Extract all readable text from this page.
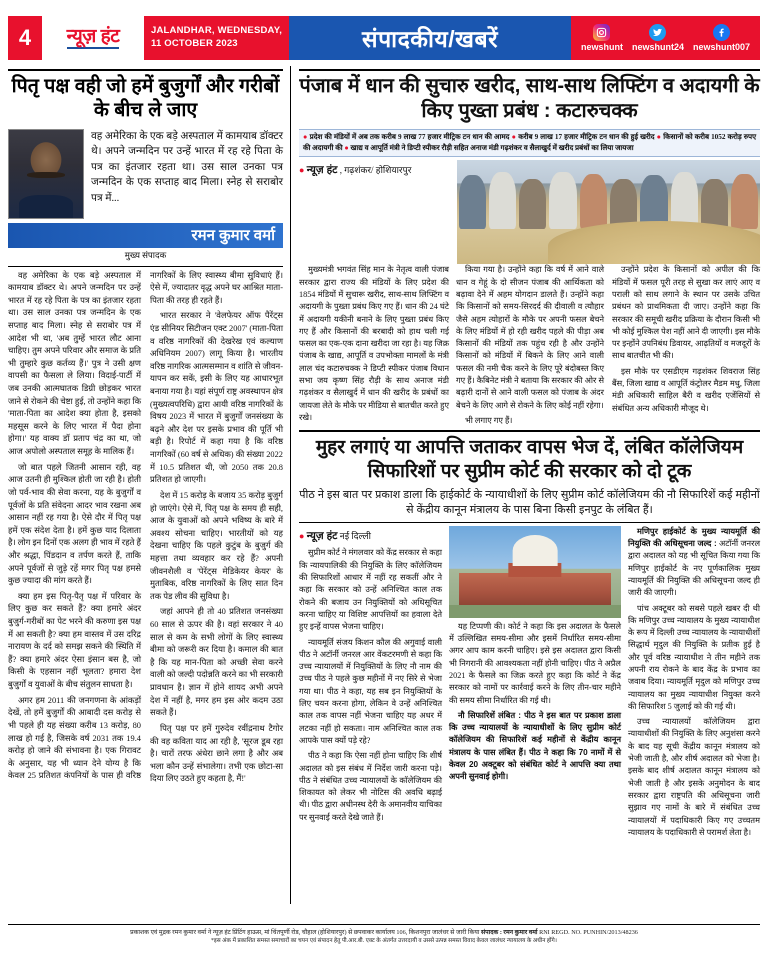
4	न्यूज़ हंट	JALANDHAR, WEDNESDAY,
11 OCTOBER 2023	संपादकीय/खबरें	newshunt newshunt24 newshunt007
पितृ पक्ष वही जो हमें बुजुर्गों और गरीबों के बीच ले जाए
वह अमेरिका के एक बड़े अस्पताल में कामयाब डॉक्टर थे। अपने जन्मदिन पर उन्हें भारत में रह रहे पिता के पत्र का इंतजार रहता था। उस साल उनका पत्र जन्मदिन के एक सप्ताह बाद मिला। स्नेह से सराबोर पत्र में...
रमन कुमार वर्मा
मुख्य संपादक

वह अमेरिका के एक बड़े अस्पताल में कामयाब डॉक्टर थे। अपने जन्मदिन पर उन्हें भारत में रह रहे पिता के पत्र का इंतजार रहता था। उस साल उनका पत्र जन्मदिन के एक सप्ताह बाद मिला। स्नेह से सराबोर पत्र में आदेश भी था, 'अब तुम्हें भारत लौट आना चाहिए। तुम अपने परिवार और समाज के प्रति भी तुम्हारे कुछ कर्तव्य हैं।' पुत्र ने उसी क्षण वापसी का फैसला ले लिया। विदाई-पार्टी में जब उनकी आत्मघातक डिग्री छोड़कर भारत जाने से रोकने की चेष्टा हुई, तो उन्होंने कहा कि 'माता-पिता का आदेश क्या होता है, इसको महसूस करने के लिए भारत में पैदा होना होगा।' यह वाक्य डॉ प्रताप चंद्र का था, जो आज अपोलो अस्पताल समूह के मालिक हैं।

जो बात पहले जितनी आसान रही, वह आज उतनी ही मुश्किल होती जा रही है। होती जो पर्व-भाव की सेवा करना, यह के बुजुर्गों व पूर्वजों के प्रति संवेदना आदर भाव रखना अब आसान नहीं रह गया है। ऐसे दौर में पितृ पक्ष हमें एक संदेश देता है। हमें कुछ याद दिलाता है। लोग इन दिनों एक अलग ही भाव में रहते हैं और श्रद्धा, पिंडदान व तर्पण करते हैं, ताकि अपने पूर्वजों से जुड़े रहें मगर पितृ पक्ष हमसे कुछ ज्यादा की मांग करते हैं।

क्या हम इस पितृ-पैतृ पक्ष में परिवार के लिए कुछ कर सकते हैं? क्या हमारे अंदर बुजुर्ग-गरीबों का पेट भरने की करुणा इस पक्ष में आ सकती है? क्या हम वास्तव में उस दरिद्र नारायण के दर्द को समझ सकने की स्थिति में हैं? क्या हमारे अंदर ऐसा इंसान बस है, जो किसी के एहसान नहीं भूलता? हमारा देश बुजुर्गों व युवाओं के बीच संतुलन साधता है।

अगर हम 2011 की जनगणना के आंकड़ों देखें, तो हमें बुजुर्गों की आबादी दस करोड़ से भी पहले ही यह संख्या करीब 13 करोड़, 80 लाख हो गई है, जिसके वर्ष 2031 तक 19.4 करोड़ हो जाने की संभावना है। एक गिरावट के अनुसार, यह भी ध्यान देने योग्य है कि केवल 25 प्रतिशत कंपनियों के पास ही वरिष्ठ नागरिकों के लिए स्वास्थ्य बीमा सुविधाएं हैं। ऐसे में, ज्यादातर वृद्ध अपने घर आश्रित माता-पिता की तरह ही रहते हैं।

भारत सरकार ने 'वेलफेयर ऑफ पैरेंट्स एंड सीनियर सिटीजन एक्ट 2007' (माता-पिता व वरिष्ठ नागरिकों की देखरेख एवं कल्याण अधिनियम 2007) लागू किया है। भारतीय वरिष्ठ नागरिक आत्मसम्मान व शांति से जीवन-यापन कर सकें, इसी के लिए यह आधारभूत बनाया गया है। यहां संपूर्ण राष्ट्र अवस्थापन क्षेत्र (मुख्यत्वपरिधि) द्वारा आयी वरिष्ठ नागरिकों के विषय 2023 में भारत में बुजुर्गों जनसंख्या के बढ़ने और देश पर इसके प्रभाव की पूर्ति भी बड़ी है। रिपोर्ट में कहा गया है कि वरिष्ठ नागरिकों (60 वर्ष से अधिक) की संख्या 2022 में 10.5 प्रतिशत थी, जो 2050 तक 20.8 प्रतिशत हो जाएगी।

देश में 15 करोड़ के बजाय 35 करोड़ बुजुर्ग हो जाएंगे। ऐसे में, पितृ पक्ष के समय ही सही, आज के युवाओं को अपने भविष्य के बारे में अवश्य सोचना चाहिए। भारतीयों को यह देखना चाहिए कि पहले कुटुंब के बुजुर्ग की महत्ता तथा व्यवहार कर रहे हैं? अपनी जीवनशैली व 'पेरेंट्स मेडिकेयर केयर' के मुताबिक, वरिष्ठ नागरिकों के लिए सात दिन तक पेड लीव की सुविधा है।

जहां आपने ही तो 40 प्रतिशत जनसंख्या 60 साल से ऊपर की है। वहां सरकार ने 40 साल से कम के सभी लोगों के लिए स्वास्थ्य बीमा को जरूरी कर दिया है। कमाल की बात है कि यह मान-पिता को अच्छी सेवा करने वाली को जल्दी पदोन्नति करने का भी सरकारी प्रावधान है। ज्ञान में होने शायद अभी अपने देश में नहीं है, मगर हम इस ओर कदम उठा सकते हैं।

पितृ पक्ष पर हमें गुरुदेव रवींद्रनाथ टैगोर की वह कविता याद आ रही है, 'सूरज डूब रहा है। चारों तरफ अंधेरा छाने लगा है और अब भला कौन उन्हें संभालेगा। तभी एक छोटा-सा दिया लिए उठते हुए कहता है, मैं!'

पंजाब में धान की सुचारु खरीद, साथ-साथ लिफ्टिंग व अदायगी के किए पुख्ता प्रबंध : कटारुचक्क
● प्रदेश की मंडियों में अब तक करीब 9 लाख 77 हजार मीट्रिक टन धान की आमद ● करीब 9 लाख 17 हजार मीट्रिक टन धान की हुई खरीद ● किसानों को करीब 1052 करोड़ रुपए की अदायगी की ● खाद्य व आपूर्ति मंत्री ने डिप्टी स्पीकर रौड़ी सहित अनाज मंडी गढ़शंकर व सैलाखुर्द में खरीद प्रबंधों का लिया जायजा
● न्यूज़ हंट , गढ़शंकर/ होशियारपुर

मुख्यमंत्री भगवंत सिंह मान के नेतृत्व वाली पंजाब सरकार द्वारा राज्य की मंडियों के लिए प्रदेश की 1854 मंडियों में सुचारू खरीद, साथ-साथ लिफ्टिंग व अदायगी के पुख्ता प्रबंध किए गए हैं। धान की 24 घंटे में अदायगी यकीनी बनाने के लिए पुख्ता प्रबंध किए गए हैं और किसानों की बरबादी को हाथ चली गई फसल का एक-एक दाना खरीदा जा रहा है। यह जिक्र पंजाब के खाद्य, आपूर्ति व उपभोक्ता मामलों के मंत्री लाल चंद कटारुचक्क ने डिप्टी स्पीकर पंजाब विधान सभा जय कृष्ण सिंह रौड़ी के साथ अनाज मंडी गढ़शंकर व सैलाखुर्द में धान की खरीद के प्रबंधों का जायजा लेते के मौके पर मीडिया से बातचीत करते हुए रखे।

किया गया है। उन्होंने कहा कि वर्ष में आने वाले धान व गेहूं के दो सीजन पंजाब की आर्थिकता को बढ़ावा देने में अहम योगदान डालते हैं। उन्होंने कहा कि किसानों को समय-सिरदर्द की दीवाली व त्यौहार जैसे अहम त्योहारों के मौके पर अपनी फसल बेचने के लिए मंडियों में हो रही खरीद पहले की पीड़ा अब किसानों की मंडियों तक पहुंच रही है और उन्होंने किसानों को मंडियों में बिकने के लिए आने वाली फसल की नमी चैक करने के लिए पूरे बंदोबस्त किए गए हैं। कैबिनेट मंत्री ने बताया कि सरकार की ओर से बढ़ारी दानों से आने वाली फसल को पंजाब के अंदर बेचने के लिए आगे से रोकने के लिए कोई नहीं रहेगा।

भी लगाए गए हैं।

उन्होंने प्रदेश के किसानों को अपील की कि मंडियों में फसल पूरी तरह से सुखा कर लाएं आए व पराली को साथ लगाने के स्थान पर उसके उचित प्रबंधन को प्राथमिकता दी जाए। उन्होंने कहा कि सरकार की समूची खरीद प्रक्रिया के दौरान किसी भी भी कोई मुश्किल पेश नहीं आने दी जाएगी। इस मौके पर इन्होंने उपनिबंध डिवायर, आढ़तियों व मजदूरों के साथ बातचीत भी की।

इस मौके पर एसडीएम गढ़शंकर शिवराज सिंह बैंस, जिला खाद्य व आपूर्ति कंट्रोलर मैडम मधु, जिला मंडी अधिकारी साहिल बैरी व खरीद एजेंसियों से संबंधित अन्य अधिकारी मौजूद थे।

मुहर लगाएं या आपत्ति जताकर वापस भेज दें, लंबित कॉलेजियम सिफारिशों पर सुप्रीम कोर्ट की सरकार को दो टूक
पीठ ने इस बात पर प्रकाश डाला कि हाईकोर्ट के न्यायाधीशों के लिए सुप्रीम कोर्ट कॉलेजियम की नौ सिफारिशें कई महीनों से केंद्रीय कानून मंत्रालय के पास बिना किसी इनपुट के लंबित हैं।
● न्यूज़ हंट नई दिल्ली

सुप्रीम कोर्ट ने मंगलवार को केंद्र सरकार से कहा कि न्यायपालिकी की नियुक्ति के लिए कॉलेजियम की सिफारिशों आधार में नहीं रह सकतीं और ने कहा कि सरकार को उन्हें अनिश्चित काल तक रोकने की बजाय उन नियुक्तियों को अधिसूचित करना चाहिए या विशिष्ट आपत्तियों का हवाला देते हुए इन्हें वापस भेजना चाहिए।

न्यायमूर्ति संजय किशन कौल की अगुवाई वाली पीठ ने अटॉर्नी जनरल आर वेंकटरमणी से कहा कि उच्च न्यायालयों में नियुक्तियों के लिए नौ नाम की उच्च पीठ ने पहले कुछ महीनों में नए सिरे से भेजा गया था। पीठ ने कहा, यह सब इन नियुक्तियों के लिए चयन करना होगा, लेकिन वे उन्हें अनिश्चित काल तक वापस नहीं भेजना चाहिए यह अधर में लटका नहीं हो सकता। नाम अनिश्चित काल तक आपके पास क्यों पड़े रहे?

पीठ ने कहा कि ऐसा नहीं होना चाहिए कि शीर्ष अदालत को इस संबंध में निर्देश जारी करना पड़े। पीठ ने संबंधित उच्च न्यायालयों के कॉलेजियम की शिकायत को लेकर भी नोटिस की अवधि बढ़ाई थी। पीठ द्वारा अधीनस्थ देरी के अमानवीय याचिका पर सुनवाई करते देखे जाते हैं।

यह टिप्पणी की। कोर्ट ने कहा कि इस अदालत के फैसले में उल्लिखित समय-सीमा और इसमें निर्धारित समय-सीमा अगर आप काम करनी चाहिए। इसे इस अदालत द्वारा किसी भी निगरानी की आवश्यकता नहीं होनी चाहिए। पीठ ने अप्रैल 2021 के फैसले का जिक्र करते हुए कहा कि कोर्ट ने केंद्र सरकार को नामों पर कार्रवाई करने के लिए तीन-चार महीने की समय सीमा निर्धारित की गई थी।

नौ सिफारिशें लंबित : पीठ ने इस बात पर प्रकाश डाला कि उच्च न्यायालयों के न्यायाधीशों के लिए सुप्रीम कोर्ट कॉलेजियम की सिफारिशें कई महीनों से केंद्रीय कानून मंत्रालय के पास लंबित हैं। पीठ ने कहा कि 70 नामों में से केवल 20 अक्टूबर को संबंधित कोर्ट ने आपत्ति क्या तथा अपनी सुनवाई होगी।

मणिपुर हाईकोर्ट के मुख्य न्यायमूर्ति की नियुक्ति की अधिसूचना जल्द : अटॉर्नी जनरल द्वारा अदालत को यह भी सूचित किया गया कि मणिपुर हाईकोर्ट के नए पूर्णकालिक मुख्य न्यायमूर्ति की नियुक्ति की अधिसूचना जल्द ही जारी की जाएगी।

पांच अक्टूबर को सबसे पहले खबर दी थी कि मणिपुर उच्च न्यायालय के मुख्य न्यायाधीश के रूप में दिल्ली उच्च न्यायालय के न्यायाधीशों सिद्धार्थ मृदुल की नियुक्ति के प्रतीक हुई है और पूर्व वरिष्ठ न्यायाधीश ने तीन महीने तक अपनी राय रोकने के बाद केंद्र के प्रभाव का जवाब दिया। न्यायमूर्ति मृदुल को मणिपुर उच्च न्यायालय का मुख्य न्यायाधीश नियुक्त करने की सिफारिश 5 जुलाई को की गई थी।

उच्च न्यायालयों कॉलेजियम द्वारा न्यायाधीशों की नियुक्ति के लिए अनुशंसा करने के बाद यह सूची केंद्रीय कानून मंत्रालय को भेजी जाती है, और शीर्ष अदालत को भेजा है। इसके बाद शीर्ष अदालत कानून मंत्रालय को भेजी जाती है और इसके अनुमोदन के बाद सरकार द्वारा राष्ट्रपति की अधिसूचना जारी सुझाव गए नामों के बारे में संबंधित उच्च न्यायालयों में पदाधिकारी किए गए उच्चतम न्यायालय के पदाधिकारी से परामर्श लेता है।

प्रकाशक एवं मुद्रक रमन कुमार वर्मा ने न्यूज़ हंट प्रिंटिंग हाऊस, मां चिंतपूर्णी रोड, चौहाल (होशियारपुर) से छपवाकर कार्यालय 106, किशनपुरा जालंधर से जारी किया संपादक : रमन कुमार वर्मा RNI REGD. NO. PUNHIN/2013/48236
*इस अंक में प्रकाशित समस्त समाचारों का चयन एवं संपादन हेतु पी.आर.बी. एक्ट के अंतर्गत उत्तरदायी व उससे उत्पन्न समस्त विवाद केवल जालंधर न्यायालय के अधीन होंगे।
